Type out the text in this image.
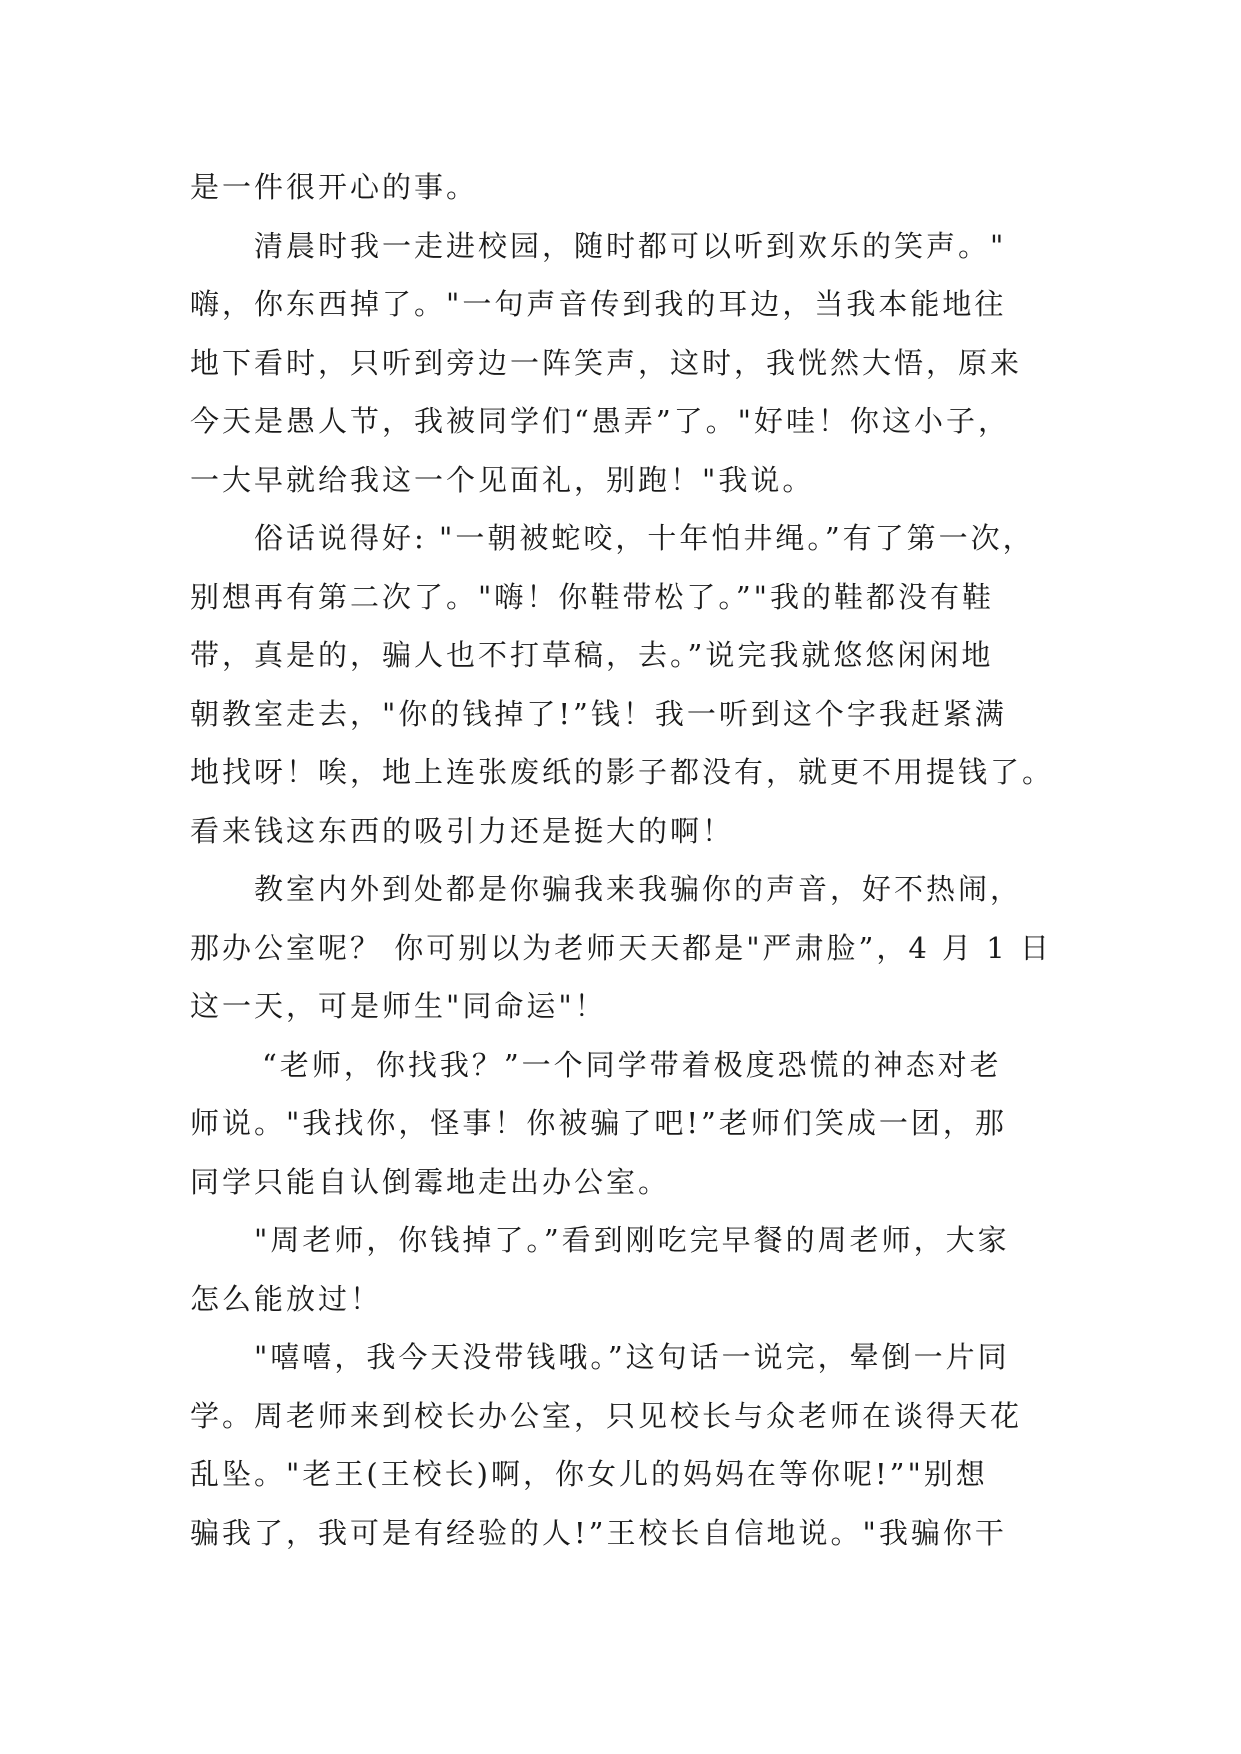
是一件很开心的事。
清晨时我一走进校园，随时都可以听到欢乐的笑声。"
嗨，你东西掉了。"一句声音传到我的耳边，当我本能地往
地下看时，只听到旁边一阵笑声，这时，我恍然大悟，原来
今天是愚人节，我被同学们“愚弄”了。"好哇！你这小子，
一大早就给我这一个见面礼，别跑！"我说。
俗话说得好: "一朝被蛇咬，十年怕井绳。”有了第一次，
别想再有第二次了。"嗨！你鞋带松了。”"我的鞋都没有鞋
带，真是的，骗人也不打草稿，去。”说完我就悠悠闲闲地
朝教室走去，"你的钱掉了!”钱！我一听到这个字我赶紧满
地找呀！唉，地上连张废纸的影子都没有，就更不用提钱了。
看来钱这东西的吸引力还是挺大的啊！
教室内外到处都是你骗我来我骗你的声音，好不热闹，
那办公室呢？ 你可别以为老师天天都是"严肃脸”，4 月 1 日
这一天，可是师生"同命运"！
“老师，你找我？”一个同学带着极度恐慌的神态对老
师说。"我找你，怪事！你被骗了吧!”老师们笑成一团，那
同学只能自认倒霉地走出办公室。
"周老师，你钱掉了。”看到刚吃完早餐的周老师，大家
怎么能放过！
"嘻嘻，我今天没带钱哦。”这句话一说完，晕倒一片同
学。周老师来到校长办公室，只见校长与众老师在谈得天花
乱坠。"老王(王校长)啊，你女儿的妈妈在等你呢!”"别想
骗我了，我可是有经验的人!”王校长自信地说。"我骗你干
